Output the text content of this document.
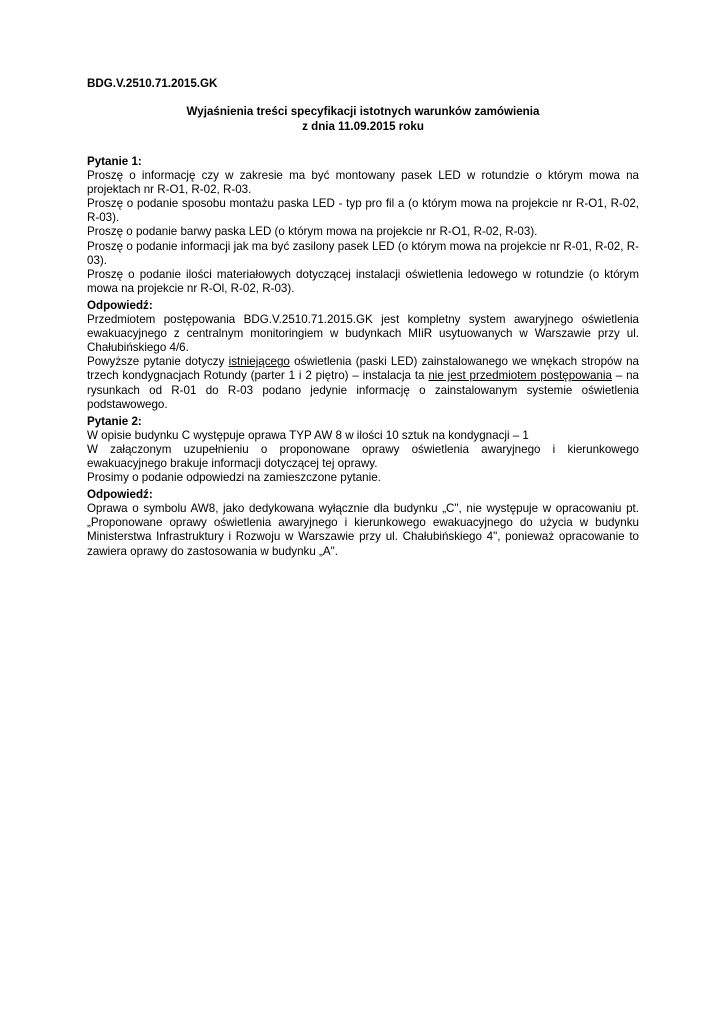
BDG.V.2510.71.2015.GK
Wyjaśnienia treści specyfikacji istotnych warunków zamówienia
z dnia 11.09.2015 roku
Pytanie 1:
Proszę o informację czy w zakresie ma być montowany pasek LED w rotundzie o którym mowa na projektach nr R-O1, R-02, R-03.
Proszę o podanie sposobu montażu paska LED - typ pro fil a (o którym mowa na projekcie nr R-O1, R-02, R-03).
Proszę o podanie barwy paska LED (o którym mowa na projekcie nr R-O1, R-02, R-03).
Proszę o podanie informacji jak ma być zasilony pasek LED (o którym mowa na projekcie nr R-01, R-02, R-03).
Proszę o podanie ilości materiałowych dotyczącej instalacji oświetlenia ledowego w rotundzie (o którym mowa na projekcie nr R-Ol, R-02, R-03).
Odpowiedź:
Przedmiotem postępowania BDG.V.2510.71.2015.GK jest kompletny system awaryjnego oświetlenia ewakuacyjnego z centralnym monitoringiem w budynkach MIiR usytuowanych w Warszawie przy ul. Chałubińskiego 4/6.
Powyższe pytanie dotyczy istniejącego oświetlenia (paski LED) zainstalowanego we wnękach stropów na trzech kondygnacjach Rotundy (parter 1 i 2 piętro) – instalacja ta nie jest przedmiotem postępowania – na rysunkach od R-01 do R-03 podano jedynie informację o zainstalowanym systemie oświetlenia podstawowego.
Pytanie 2:
W opisie budynku C występuje oprawa TYP AW 8 w ilości 10 sztuk na kondygnacji – 1
W załączonym uzupełnieniu o proponowane oprawy oświetlenia awaryjnego i kierunkowego ewakuacyjnego brakuje informacji dotyczącej tej oprawy.
Prosimy o podanie odpowiedzi na zamieszczone pytanie.
Odpowiedź:
Oprawa o symbolu AW8, jako dedykowana wyłącznie dla budynku „C", nie występuje w opracowaniu pt. „Proponowane oprawy oświetlenia awaryjnego i kierunkowego ewakuacyjnego do użycia w budynku Ministerstwa Infrastruktury i Rozwoju w Warszawie przy ul. Chałubińskiego 4", ponieważ opracowanie to zawiera oprawy do zastosowania w budynku „A".
